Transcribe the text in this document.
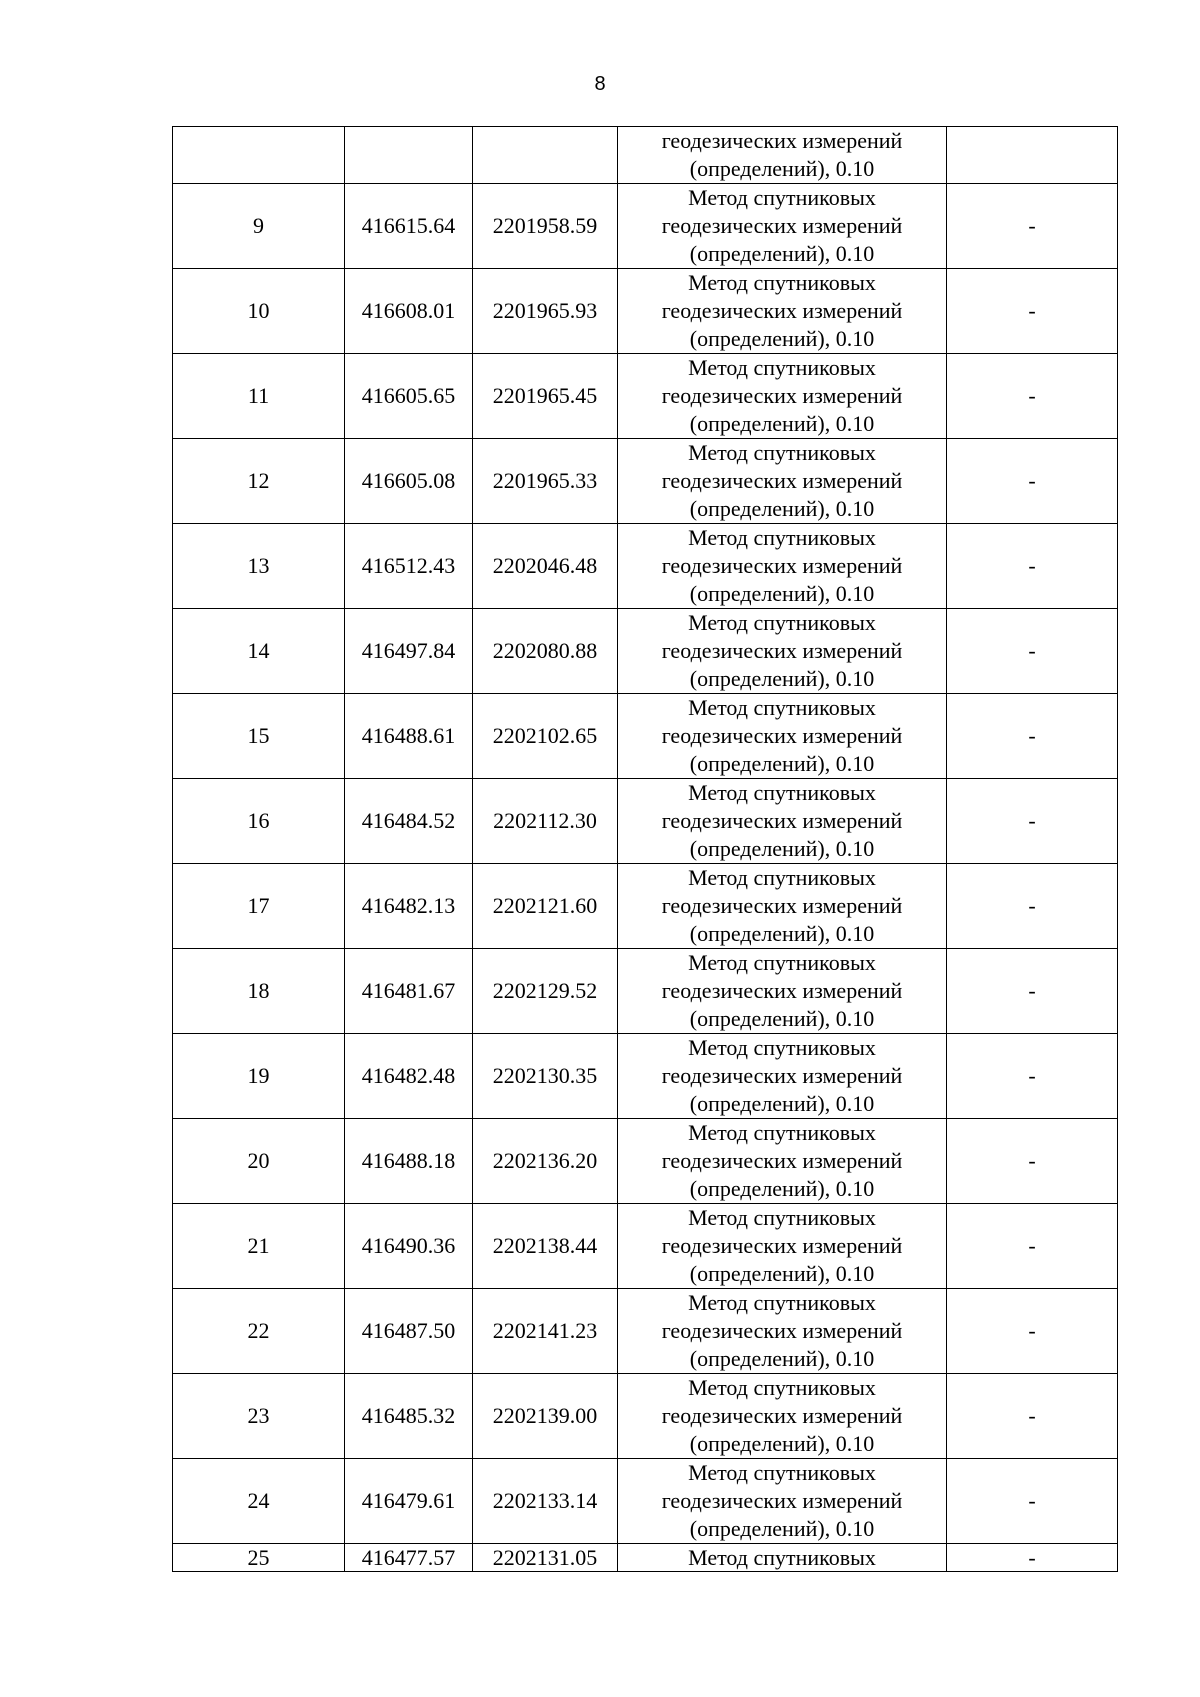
8

			геодезических измерений
(определений), 0.10	

9	416615.64	2201958.59	Метод спутниковых
геодезических измерений
(определений), 0.10	-
10	416608.01	2201965.93	Метод спутниковых
геодезических измерений
(определений), 0.10	-
11	416605.65	2201965.45	Метод спутниковых
геодезических измерений
(определений), 0.10	-
12	416605.08	2201965.33	Метод спутниковых
геодезических измерений
(определений), 0.10	-
13	416512.43	2202046.48	Метод спутниковых
геодезических измерений
(определений), 0.10	-
14	416497.84	2202080.88	Метод спутниковых
геодезических измерений
(определений), 0.10	-
15	416488.61	2202102.65	Метод спутниковых
геодезических измерений
(определений), 0.10	-
16	416484.52	2202112.30	Метод спутниковых
геодезических измерений
(определений), 0.10	-
17	416482.13	2202121.60	Метод спутниковых
геодезических измерений
(определений), 0.10	-
18	416481.67	2202129.52	Метод спутниковых
геодезических измерений
(определений), 0.10	-
19	416482.48	2202130.35	Метод спутниковых
геодезических измерений
(определений), 0.10	-
20	416488.18	2202136.20	Метод спутниковых
геодезических измерений
(определений), 0.10	-
21	416490.36	2202138.44	Метод спутниковых
геодезических измерений
(определений), 0.10	-
22	416487.50	2202141.23	Метод спутниковых
геодезических измерений
(определений), 0.10	-
23	416485.32	2202139.00	Метод спутниковых
геодезических измерений
(определений), 0.10	-
24	416479.61	2202133.14	Метод спутниковых
геодезических измерений
(определений), 0.10	-
25	416477.57	2202131.05	Метод спутниковых	-
